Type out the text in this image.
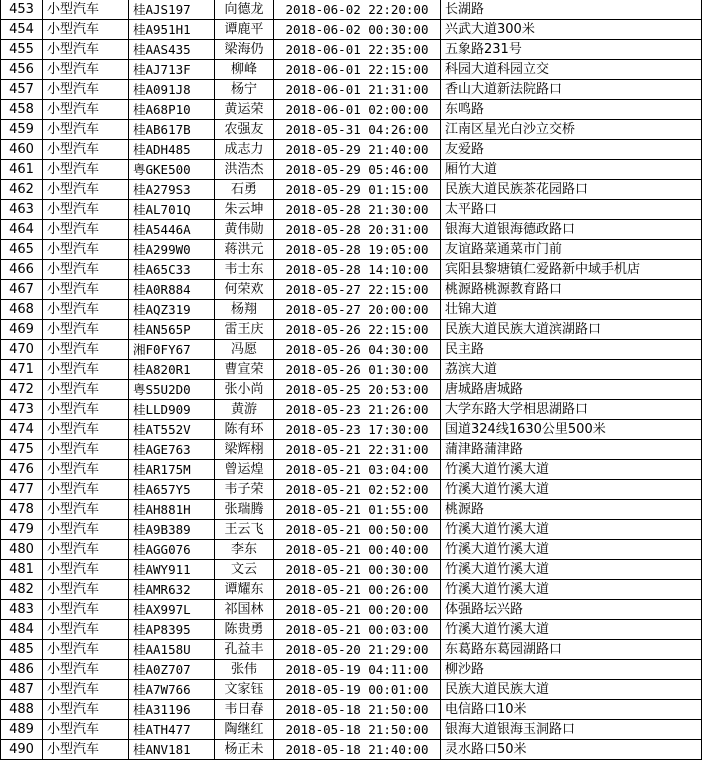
453	小型汽车	桂AJS197	向德龙	2018-06-02 22:20:00	长湖路
454	小型汽车	桂A951H1	谭鹿平	2018-06-02 00:30:00	兴武大道300米
455	小型汽车	桂AAS435	梁海仍	2018-06-01 22:35:00	五象路231号
456	小型汽车	桂AJ713F	柳峰	2018-06-01 22:15:00	科园大道科园立交
457	小型汽车	桂A091J8	杨宁	2018-06-01 21:31:00	香山大道新法院路口
458	小型汽车	桂A68P10	黄运荣	2018-06-01 02:00:00	东鸣路
459	小型汽车	桂AB617B	农强友	2018-05-31 04:26:00	江南区星光白沙立交桥
460	小型汽车	桂ADH485	成志力	2018-05-29 21:40:00	友爱路
461	小型汽车	粤GKE500	洪浩杰	2018-05-29 05:46:00	厢竹大道
462	小型汽车	桂A279S3	石勇	2018-05-29 01:15:00	民族大道民族茶花园路口
463	小型汽车	桂AL701Q	朱云坤	2018-05-28 21:30:00	太平路口
464	小型汽车	桂A5446A	黄伟勋	2018-05-28 20:31:00	银海大道银海德政路口
465	小型汽车	桂A299W0	蒋洪元	2018-05-28 19:05:00	友谊路菜通菜市门前
466	小型汽车	桂A65C33	韦士东	2018-05-28 14:10:00	宾阳县黎塘镇仁爱路新中域手机店
467	小型汽车	桂A0R884	何荣欢	2018-05-27 22:15:00	桃源路桃源教育路口
468	小型汽车	桂AQZ319	杨翔	2018-05-27 20:00:00	壮锦大道
469	小型汽车	桂AN565P	雷王庆	2018-05-26 22:15:00	民族大道民族大道滨湖路口
470	小型汽车	湘F0FY67	冯愿	2018-05-26 04:30:00	民主路
471	小型汽车	桂A820R1	曹宣荣	2018-05-26 01:30:00	荔滨大道
472	小型汽车	粤S5U2D0	张小尚	2018-05-25 20:53:00	唐城路唐城路
473	小型汽车	桂LLD909	黄游	2018-05-23 21:26:00	大学东路大学相思湖路口
474	小型汽车	桂AT552V	陈有环	2018-05-23 17:30:00	国道324线1630公里500米
475	小型汽车	桂AGE763	梁辉栩	2018-05-21 22:31:00	蒲津路蒲津路
476	小型汽车	桂AR175M	曾运煌	2018-05-21 03:04:00	竹溪大道竹溪大道
477	小型汽车	桂A657Y5	韦子荣	2018-05-21 02:52:00	竹溪大道竹溪大道
478	小型汽车	桂AH881H	张瑞腾	2018-05-21 01:55:00	桃源路
479	小型汽车	桂A9B389	王云飞	2018-05-21 00:50:00	竹溪大道竹溪大道
480	小型汽车	桂AGG076	李东	2018-05-21 00:40:00	竹溪大道竹溪大道
481	小型汽车	桂AWY911	文云	2018-05-21 00:30:00	竹溪大道竹溪大道
482	小型汽车	桂AMR632	谭耀东	2018-05-21 00:26:00	竹溪大道竹溪大道
483	小型汽车	桂AX997L	祁国林	2018-05-21 00:20:00	体强路坛兴路
484	小型汽车	桂AP8395	陈贵勇	2018-05-21 00:03:00	竹溪大道竹溪大道
485	小型汽车	桂AA158U	孔益丰	2018-05-20 21:29:00	东葛路东葛园湖路口
486	小型汽车	桂A0Z707	张伟	2018-05-19 04:11:00	柳沙路
487	小型汽车	桂A7W766	文家钰	2018-05-19 00:01:00	民族大道民族大道
488	小型汽车	桂A31196	韦日春	2018-05-18 21:50:00	电信路口10米
489	小型汽车	桂ATH477	陶继红	2018-05-18 21:50:00	银海大道银海玉洞路口
490	小型汽车	桂ANV181	杨正未	2018-05-18 21:40:00	灵水路口50米
